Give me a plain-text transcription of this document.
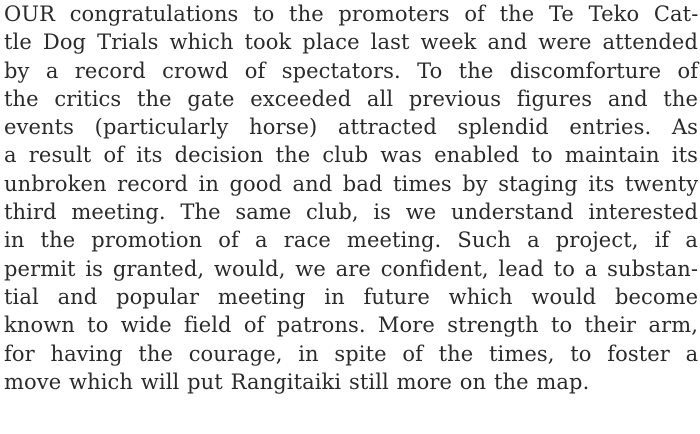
OUR congratulations to the promoters of the Te Teko Cat-
tle Dog Trials which took place last week and were attended
by a record crowd of spectators. To the discomforture of
the critics the gate exceeded all previous figures and the
events (particularly horse) attracted splendid entries. As
a result of its decision the club was enabled to maintain its
unbroken record in good and bad times by staging its twenty
third meeting. The same club, is we understand interested
in the promotion of a race meeting. Such a project, if a
permit is granted, would, we are confident, lead to a substan-
tial and popular meeting in future which would become
known to wide field of patrons. More strength to their arm,
for having the courage, in spite of the times, to foster a
move which will put Rangitaiki still more on the map.
